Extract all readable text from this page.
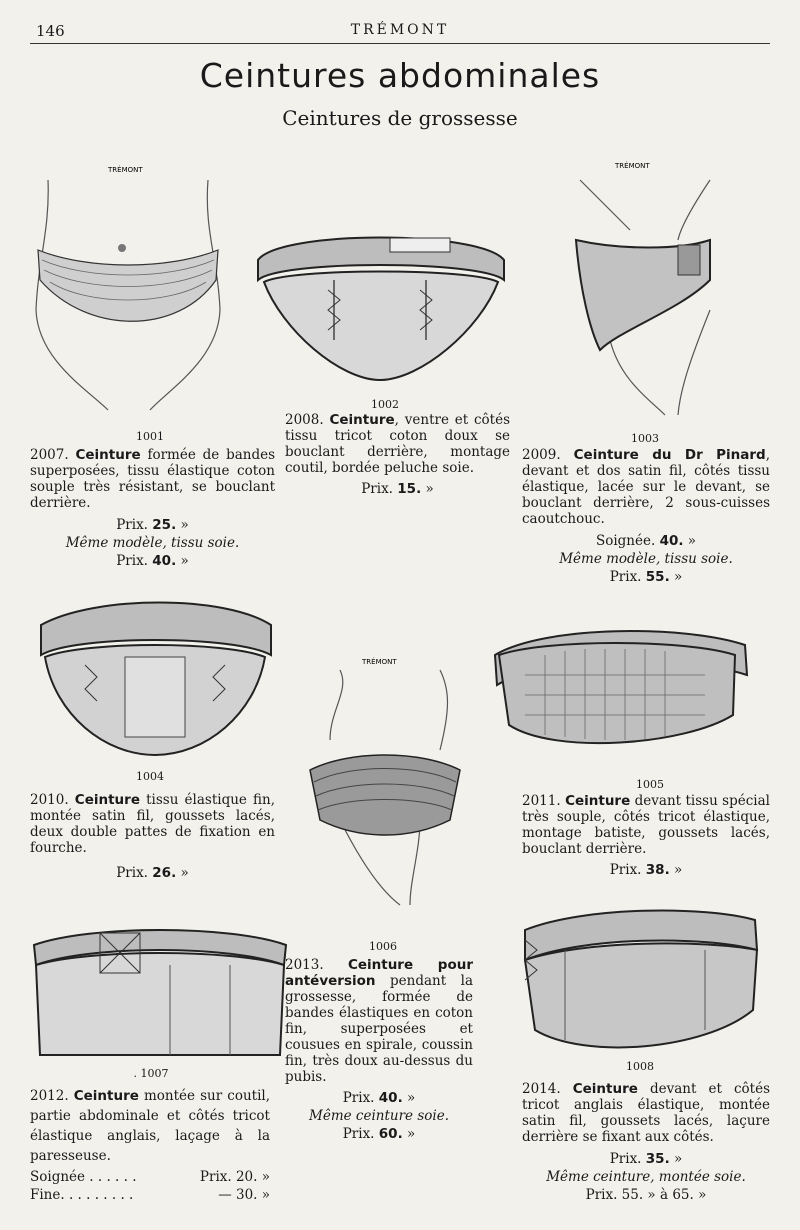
146	TRÉMONT
Ceintures abdominales
Ceintures de grossesse
TRÉMONT	TRÉMONT
TRÉMONT
1001
1002
1003
1004
1005
1006
. 1007
1008
2007. Ceinture formée de bandes superposées, tissu élastique coton souple très résistant, se bouclant derrière.
Prix. 25. »
Même modèle, tissu soie.
Prix. 40. »
2008. Ceinture, ventre et côtés tissu tricot coton doux se bouclant derrière, montage coutil, bordée peluche soie.
Prix. 15. »
2009. Ceinture du Dr Pinard, devant et dos satin fil, côtés tissu élastique, lacée sur le devant, se bouclant derrière, 2 sous-cuisses caoutchouc.
Soignée. 40. »
Même modèle, tissu soie.
Prix. 55. »
2010. Ceinture tissu élastique fin, montée satin fil, goussets lacés, deux double pattes de fixation en fourche.
Prix. 26. »
2011. Ceinture devant tissu spécial très souple, côtés tricot élastique, montage batiste, goussets lacés, bouclant derrière.
Prix. 38. »
2013. Ceinture pour antéversion pendant la grossesse, formée de bandes élastiques en coton fin, superposées et cousues en spirale, coussin fin, très doux au-dessus du pubis.
Prix. 40. »
Même ceinture soie.
Prix. 60. »
2012. Ceinture montée sur coutil, partie abdominale et côtés tricot élastique anglais, laçage à la paresseuse.
Soignée . . . . . .	Prix. 20. »
Fine. . . . . . . . .	— 30. »
2014. Ceinture devant et côtés tricot anglais élastique, montée satin fil, goussets lacés, laçure derrière se fixant aux côtés.
Prix. 35. »
Même ceinture, montée soie.
Prix. 55. » à 65. »
